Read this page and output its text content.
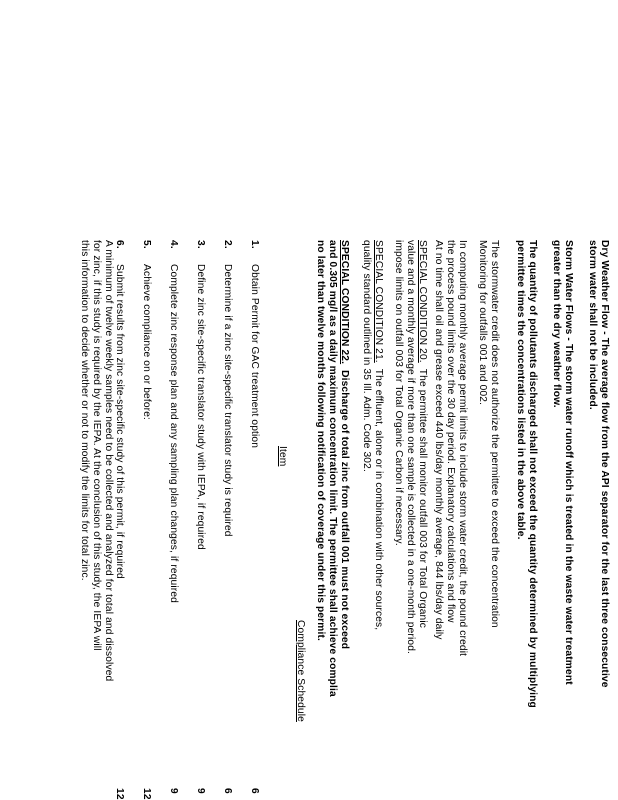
Dry Weather Flow - The average flow from the API separator for the last three consecutive
storm water shall not be included.
Storm Water Flows - The storm water runoff which is treated in the waste water treatment
greater than the dry weather flow.
The quantity of pollutants discharged shall not exceed the quantity determined by multiplying
permittee times the concentrations listed in the above table.
The stormwater credit does not authorize the permittee to exceed the concentration
Monitoring for outfalls 001 and 002.
In computing monthly average permit limits to include storm water credit, the pound credit
the process pound limits over the 30 day period. Explanatory calculations and flow
At no time shall oil and grease exceed 440 lbs/day monthly average, 844 lbs/day daily
SPECIAL CONDITION 20.  The permittee shall monitor outfall 003 for Total Organic
value and a monthly average if more than one sample is collected in a one-month period.
impose limits on outfall 003 for Total Organic Carbon if necessary.
SPECIAL CONDITION 21.  The effluent, alone or in combination with other sources,
quality standard outlined in 35 Ill. Adm. Code 302.
SPECIAL CONDITION 22.  Discharge of total zinc from outfall 001 must not exceed
and 0.305 mg/l as a daily maximum concentration limit. The permittee shall achieve complia
no later than twelve months following notification of coverage under this permit.
Compliance Schedule
Item
1.Obtain Permit for GAC treatment option
6
2.Determine if a zinc site-specific translator study is required
6
3.Define zinc site-specific translator study with IEPA, if required
9
4.Complete zinc response plan and any sampling plan changes, if required
9
5.Achieve compliance on or before:
12
6.Submit results from zinc site-specific study of this permit, if required
12
A minimum of twelve weekly samples need to be collected and analyzed for total and dissolved
for zinc, if this study is required by the IEPA. At the conclusion of this study, the IEPA will
this information to decide whether or not to modify the limits for total zinc.
